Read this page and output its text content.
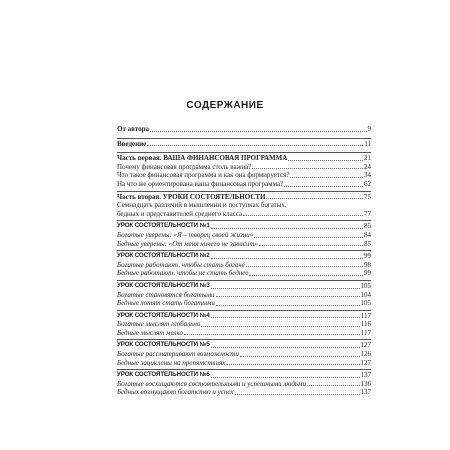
СОДЕРЖАНИЕ
От автора	9
Введение	11
Часть первая. ВАША ФИНАНСОВАЯ ПРОГРАММА	21
Почему финансовая программа столь важна?	24
Что такое финансовая программа и как она формируется?	34
На что же ориентирована ваша финансовая программа?	62
Часть вторая. УРОКИ СОСТОЯТЕЛЬНОСТИ	75
Семнадцать различий в мышлении и поступках богатых,
бедных и представителей среднего класса	77
УРОК СОСТОЯТЕЛЬНОСТИ №1	85
Богатые уверены: «Я – творец своей жизни»	84
Бедные уверены: «От меня ничего не зависит»	85
УРОК СОСТОЯТЕЛЬНОСТИ №2	99
Богатые работают, чтобы стать богаче	98
Бедные работают, чтобы не стать беднее	99
УРОК СОСТОЯТЕЛЬНОСТИ №3	105
Богатые становятся богатыми	104
Бедные хотят стать богатыми	105
УРОК СОСТОЯТЕЛЬНОСТИ №4	117
Богатые мыслят глобально	116
Бедные мыслят мелко	117
УРОК СОСТОЯТЕЛЬНОСТИ №5	127
Богатые рассматривают возможности	126
Бедные зациклены на препятствиях	127
УРОК СОСТОЯТЕЛЬНОСТИ №6	137
Богатые восхищаются состоятельными и успешными людьми	136
Бедных возмущают богатство и успех	137
